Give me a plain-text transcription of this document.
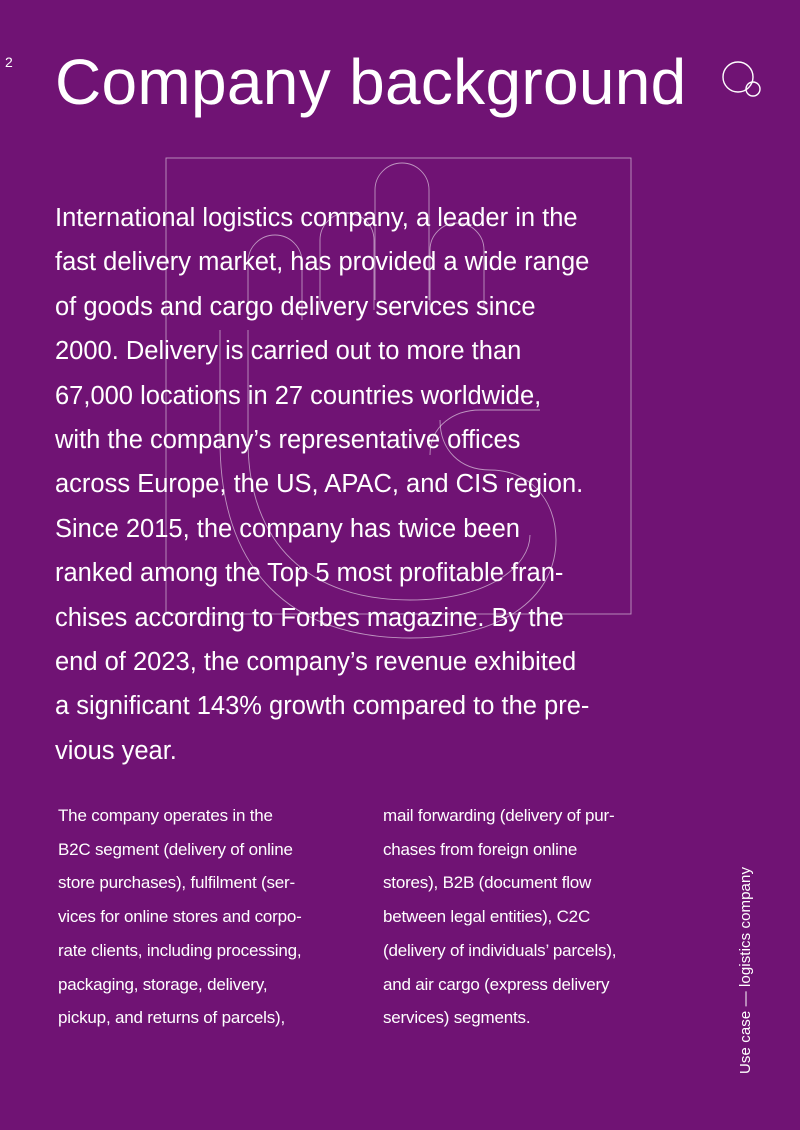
2 Company background

International logistics company, a leader in the
fast delivery market, has provided a wide range
of goods and cargo delivery services since
2000. Delivery is carried out to more than
67,000 locations in 27 countries worldwide,
with the company’s representative offices
across Europe, the US, APAC, and CIS region.
Since 2015, the company has twice been
ranked among the Top 5 most profitable fran-
chises according to Forbes magazine. By the
end of 2023, the company’s revenue exhibited
a significant 143% growth compared to the pre-
vious year.

The company operates in the
B2C segment (delivery of online
store purchases), fulfilment (ser-
vices for online stores and corpo-
rate clients, including processing,
packaging, storage, delivery,
pickup, and returns of parcels),

mail forwarding (delivery of pur-
chases from foreign online
stores), B2B (document flow
between legal entities), C2C
(delivery of individuals’ parcels),
and air cargo (express delivery
services) segments.	Use case — logistics company
